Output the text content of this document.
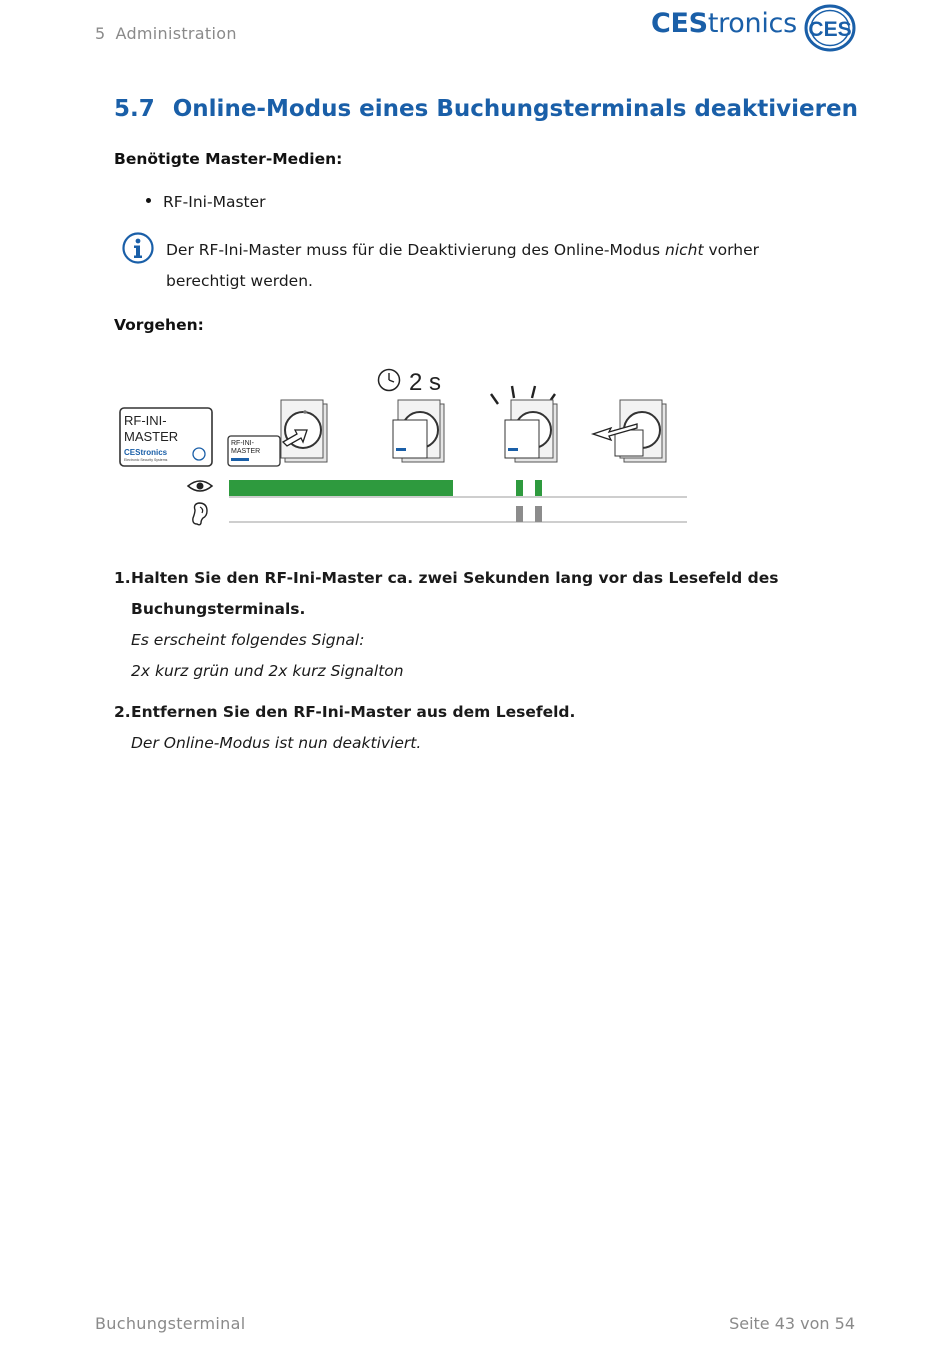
5 Administration	CEStronics CES
5.7 Online-Modus eines Buchungsterminals deaktivieren
Benötigte Master-Medien:
RF-Ini-Master
Der RF-Ini-Master muss für die Deaktivierung des Online-Modus nicht vorher berechtigt werden.
Vorgehen:
RF-INI-
MASTER
CEStronics
Electronic Security Systems
RF-INI-
MASTER
2 s
1.Halten Sie den RF-Ini-Master ca. zwei Sekunden lang vor das Lesefeld des
Buchungsterminals.
Es erscheint folgendes Signal:
2x kurz grün und 2x kurz Signalton
2.Entfernen Sie den RF-Ini-Master aus dem Lesefeld.
Der Online-Modus ist nun deaktiviert.
Buchungsterminal	Seite 43 von 54
